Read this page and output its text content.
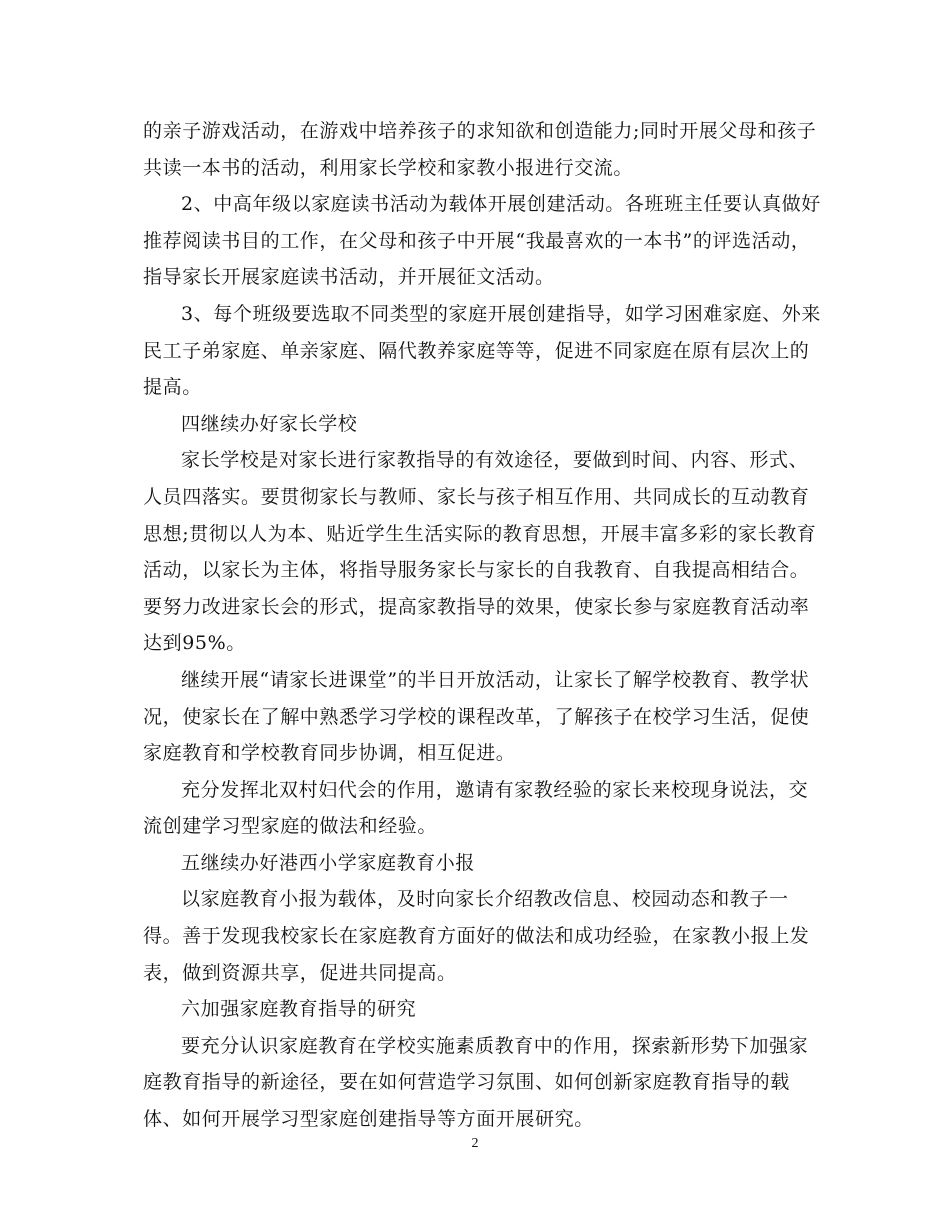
的亲子游戏活动，在游戏中培养孩子的求知欲和创造能力;同时开展父母和孩子共读一本书的活动，利用家长学校和家教小报进行交流。

2、中高年级以家庭读书活动为载体开展创建活动。各班班主任要认真做好推荐阅读书目的工作，在父母和孩子中开展“我最喜欢的一本书”的评选活动，指导家长开展家庭读书活动，并开展征文活动。

3、每个班级要选取不同类型的家庭开展创建指导，如学习困难家庭、外来民工子弟家庭、单亲家庭、隔代教养家庭等等，促进不同家庭在原有层次上的提高。

四继续办好家长学校

家长学校是对家长进行家教指导的有效途径，要做到时间、内容、形式、人员四落实。要贯彻家长与教师、家长与孩子相互作用、共同成长的互动教育思想;贯彻以人为本、贴近学生生活实际的教育思想，开展丰富多彩的家长教育活动，以家长为主体，将指导服务家长与家长的自我教育、自我提高相结合。要努力改进家长会的形式，提高家教指导的效果，使家长参与家庭教育活动率达到95%。

继续开展“请家长进课堂”的半日开放活动，让家长了解学校教育、教学状况，使家长在了解中熟悉学习学校的课程改革，了解孩子在校学习生活，促使家庭教育和学校教育同步协调，相互促进。

充分发挥北双村妇代会的作用，邀请有家教经验的家长来校现身说法，交流创建学习型家庭的做法和经验。

五继续办好港西小学家庭教育小报

以家庭教育小报为载体，及时向家长介绍教改信息、校园动态和教子一得。善于发现我校家长在家庭教育方面好的做法和成功经验，在家教小报上发表，做到资源共享，促进共同提高。

六加强家庭教育指导的研究

要充分认识家庭教育在学校实施素质教育中的作用，探索新形势下加强家庭教育指导的新途径，要在如何营造学习氛围、如何创新家庭教育指导的载体、如何开展学习型家庭创建指导等方面开展研究。

2
